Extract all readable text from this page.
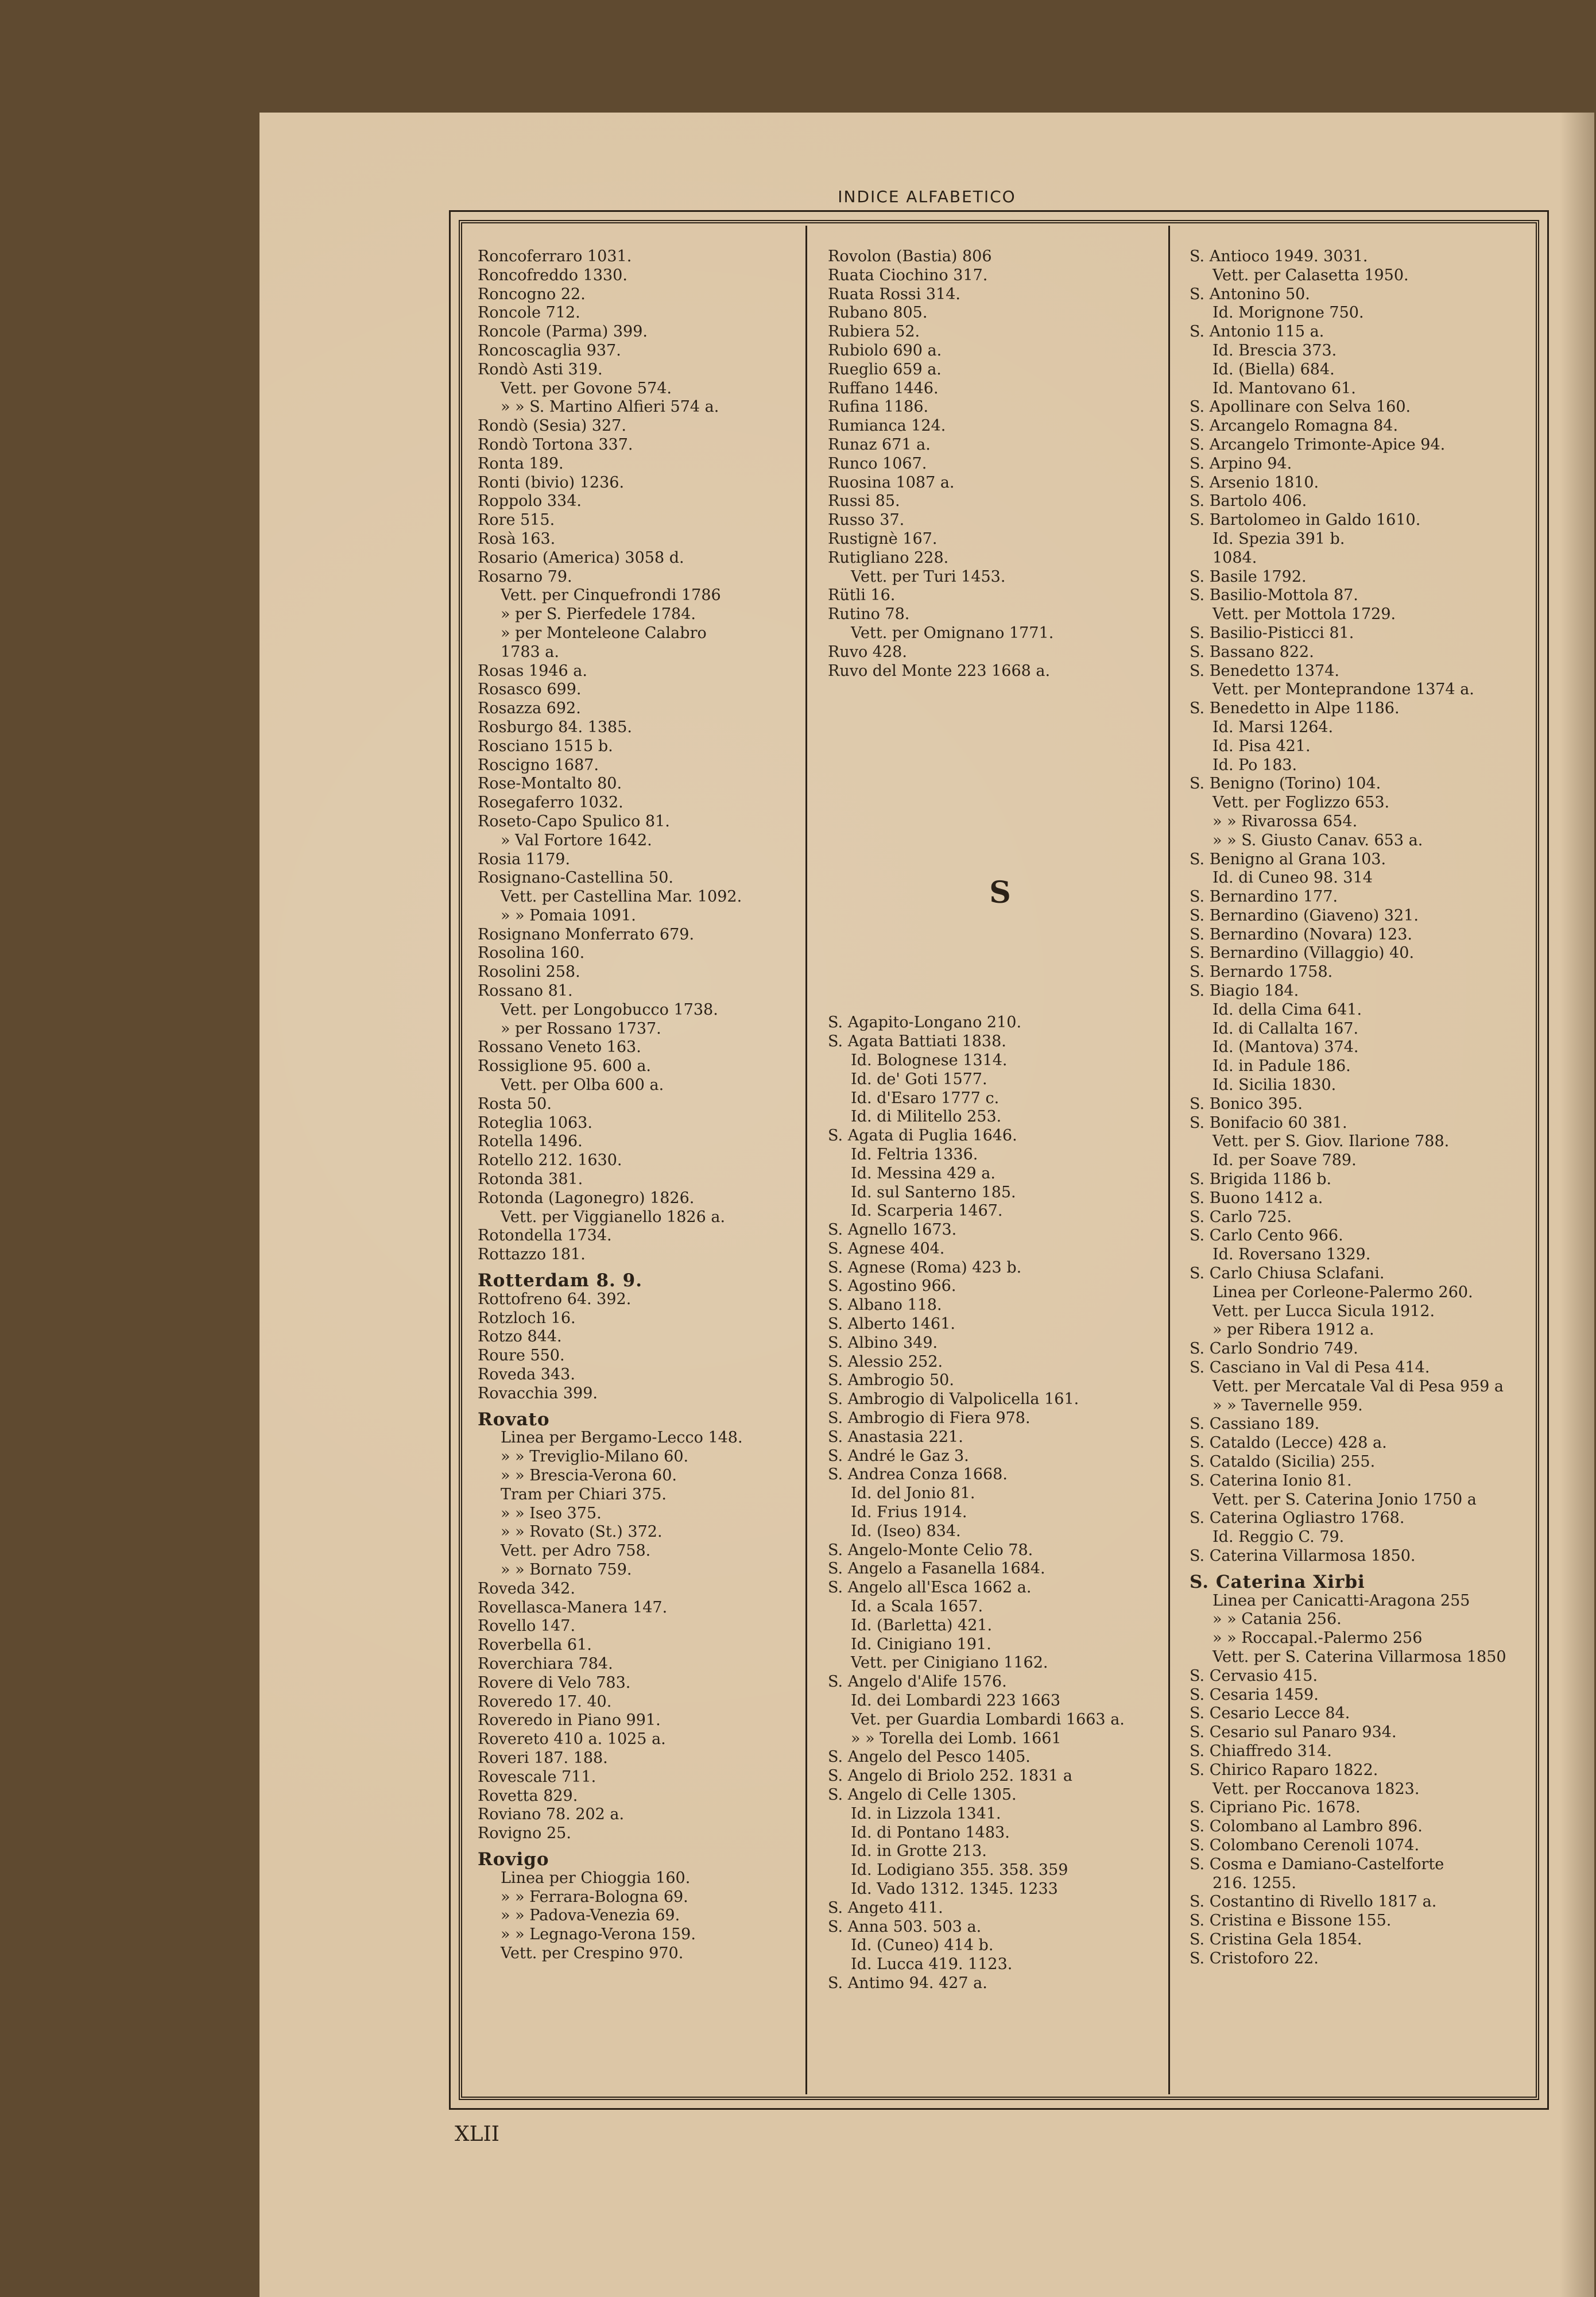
INDICE ALFABETICO
Roncoferraro 1031.
Roncofreddo 1330.
Roncogno 22.
Roncole 712.
Roncole (Parma) 399.
Roncoscaglia 937.
Rondò Asti 319.
Vett. per Govone 574.
» » S. Martino Alfieri 574 a.
Rondò (Sesia) 327.
Rondò Tortona 337.
Ronta 189.
Ronti (bivio) 1236.
Roppolo 334.
Rore 515.
Rosà 163.
Rosario (America) 3058 d.
Rosarno 79.
Vett. per Cinquefrondi 1786
» per S. Pierfedele 1784.
» per Monteleone Calabro
1783 a.
Rosas 1946 a.
Rosasco 699.
Rosazza 692.
Rosburgo 84. 1385.
Rosciano 1515 b.
Roscigno 1687.
Rose-Montalto 80.
Rosegaferro 1032.
Roseto-Capo Spulico 81.
» Val Fortore 1642.
Rosia 1179.
Rosignano-Castellina 50.
Vett. per Castellina Mar. 1092.
» » Pomaia 1091.
Rosignano Monferrato 679.
Rosolina 160.
Rosolini 258.
Rossano 81.
Vett. per Longobucco 1738.
» per Rossano 1737.
Rossano Veneto 163.
Rossiglione 95. 600 a.
Vett. per Olba 600 a.
Rosta 50.
Roteglia 1063.
Rotella 1496.
Rotello 212. 1630.
Rotonda 381.
Rotonda (Lagonegro) 1826.
Vett. per Viggianello 1826 a.
Rotondella 1734.
Rottazzo 181.
Rotterdam 8. 9.
Rottofreno 64. 392.
Rotzloch 16.
Rotzo 844.
Roure 550.
Roveda 343.
Rovacchia 399.
Rovato
Linea per Bergamo-Lecco 148.
» » Treviglio-Milano 60.
» » Brescia-Verona 60.
Tram per Chiari 375.
» » Iseo 375.
» » Rovato (St.) 372.
Vett. per Adro 758.
» » Bornato 759.
Roveda 342.
Rovellasca-Manera 147.
Rovello 147.
Roverbella 61.
Roverchiara 784.
Rovere di Velo 783.
Roveredo 17. 40.
Roveredo in Piano 991.
Rovereto 410 a. 1025 a.
Roveri 187. 188.
Rovescale 711.
Rovetta 829.
Roviano 78. 202 a.
Rovigno 25.
Rovigo
Linea per Chioggia 160.
» » Ferrara-Bologna 69.
» » Padova-Venezia 69.
» » Legnago-Verona 159.
Vett. per Crespino 970.
Rovolon (Bastia) 806
Ruata Ciochino 317.
Ruata Rossi 314.
Rubano 805.
Rubiera 52.
Rubiolo 690 a.
Rueglio 659 a.
Ruffano 1446.
Rufina 1186.
Rumianca 124.
Runaz 671 a.
Runco 1067.
Ruosina 1087 a.
Russi 85.
Russo 37.
Rustignè 167.
Rutigliano 228.
Vett. per Turi 1453.
Rütli 16.
Rutino 78.
Vett. per Omignano 1771.
Ruvo 428.
Ruvo del Monte 223 1668 a.
S
S. Agapito-Longano 210.
S. Agata Battiati 1838.
Id. Bolognese 1314.
Id. de' Goti 1577.
Id. d'Esaro 1777 c.
Id. di Militello 253.
S. Agata di Puglia 1646.
Id. Feltria 1336.
Id. Messina 429 a.
Id. sul Santerno 185.
Id. Scarperia 1467.
S. Agnello 1673.
S. Agnese 404.
S. Agnese (Roma) 423 b.
S. Agostino 966.
S. Albano 118.
S. Alberto 1461.
S. Albino 349.
S. Alessio 252.
S. Ambrogio 50.
S. Ambrogio di Valpolicella 161.
S. Ambrogio di Fiera 978.
S. Anastasia 221.
S. André le Gaz 3.
S. Andrea Conza 1668.
Id. del Jonio 81.
Id. Frius 1914.
Id. (Iseo) 834.
S. Angelo-Monte Celio 78.
S. Angelo a Fasanella 1684.
S. Angelo all'Esca 1662 a.
Id. a Scala 1657.
Id. (Barletta) 421.
Id. Cinigiano 191.
Vett. per Cinigiano 1162.
S. Angelo d'Alife 1576.
Id. dei Lombardi 223 1663
Vet. per Guardia Lombardi 1663 a.
» » Torella dei Lomb. 1661
S. Angelo del Pesco 1405.
S. Angelo di Briolo 252. 1831 a
S. Angelo di Celle 1305.
Id. in Lizzola 1341.
Id. di Pontano 1483.
Id. in Grotte 213.
Id. Lodigiano 355. 358. 359
Id. Vado 1312. 1345. 1233
S. Angeto 411.
S. Anna 503. 503 a.
Id. (Cuneo) 414 b.
Id. Lucca 419. 1123.
S. Antimo 94. 427 a.
S. Antioco 1949. 3031.
Vett. per Calasetta 1950.
S. Antonino 50.
Id. Morignone 750.
S. Antonio 115 a.
Id. Brescia 373.
Id. (Biella) 684.
Id. Mantovano 61.
S. Apollinare con Selva 160.
S. Arcangelo Romagna 84.
S. Arcangelo Trimonte-Apice 94.
S. Arpino 94.
S. Arsenio 1810.
S. Bartolo 406.
S. Bartolomeo in Galdo 1610.
Id. Spezia 391 b.
1084.
S. Basile 1792.
S. Basilio-Mottola 87.
Vett. per Mottola 1729.
S. Basilio-Pisticci 81.
S. Bassano 822.
S. Benedetto 1374.
Vett. per Monteprandone 1374 a.
S. Benedetto in Alpe 1186.
Id. Marsi 1264.
Id. Pisa 421.
Id. Po 183.
S. Benigno (Torino) 104.
Vett. per Foglizzo 653.
» » Rivarossa 654.
» » S. Giusto Canav. 653 a.
S. Benigno al Grana 103.
Id. di Cuneo 98. 314
S. Bernardino 177.
S. Bernardino (Giaveno) 321.
S. Bernardino (Novara) 123.
S. Bernardino (Villaggio) 40.
S. Bernardo 1758.
S. Biagio 184.
Id. della Cima 641.
Id. di Callalta 167.
Id. (Mantova) 374.
Id. in Padule 186.
Id. Sicilia 1830.
S. Bonico 395.
S. Bonifacio 60 381.
Vett. per S. Giov. Ilarione 788.
Id. per Soave 789.
S. Brigida 1186 b.
S. Buono 1412 a.
S. Carlo 725.
S. Carlo Cento 966.
Id. Roversano 1329.
S. Carlo Chiusa Sclafani.
Linea per Corleone-Palermo 260.
Vett. per Lucca Sicula 1912.
» per Ribera 1912 a.
S. Carlo Sondrio 749.
S. Casciano in Val di Pesa 414.
Vett. per Mercatale Val di Pesa 959 a
» » Tavernelle 959.
S. Cassiano 189.
S. Cataldo (Lecce) 428 a.
S. Cataldo (Sicilia) 255.
S. Caterina Ionio 81.
Vett. per S. Caterina Jonio 1750 a
S. Caterina Ogliastro 1768.
Id. Reggio C. 79.
S. Caterina Villarmosa 1850.
S. Caterina Xirbi
Linea per Canicatti-Aragona 255
» » Catania 256.
» » Roccapal.-Palermo 256
Vett. per S. Caterina Villarmosa 1850
S. Cervasio 415.
S. Cesaria 1459.
S. Cesario Lecce 84.
S. Cesario sul Panaro 934.
S. Chiaffredo 314.
S. Chirico Raparo 1822.
Vett. per Roccanova 1823.
S. Cipriano Pic. 1678.
S. Colombano al Lambro 896.
S. Colombano Cerenoli 1074.
S. Cosma e Damiano-Castelforte
216. 1255.
S. Costantino di Rivello 1817 a.
S. Cristina e Bissone 155.
S. Cristina Gela 1854.
S. Cristoforo 22.
XLII
